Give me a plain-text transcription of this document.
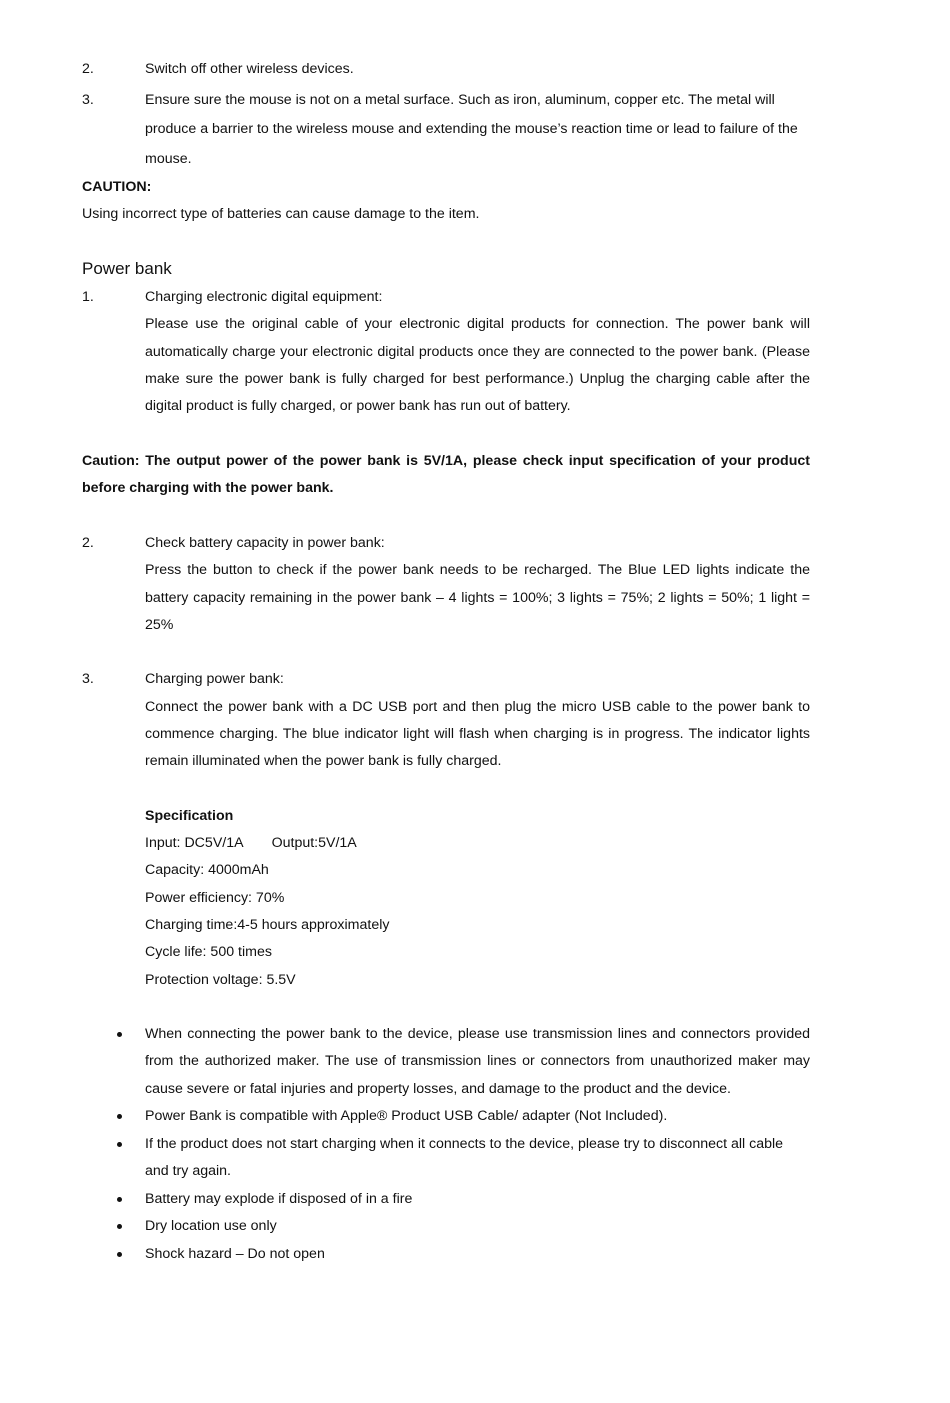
2.	Switch off other wireless devices.
3.	Ensure sure the mouse is not on a metal surface. Such as iron, aluminum, copper etc. The metal will produce a barrier to the wireless mouse and extending the mouse’s reaction time or lead to failure of the mouse.
CAUTION:
Using incorrect type of batteries can cause damage to the item.
Power bank
1.	Charging electronic digital equipment:
Please use the original cable of your electronic digital products for connection. The power bank will automatically charge your electronic digital products once they are connected to the power bank. (Please make sure the power bank is fully charged for best performance.) Unplug the charging cable after the digital product is fully charged, or power bank has run out of battery.
Caution: The output power of the power bank is 5V/1A, please check input specification of your product before charging with the power bank.
2.	Check battery capacity in power bank:
Press the button to check if the power bank needs to be recharged. The Blue LED lights indicate the battery capacity remaining in the power bank – 4 lights = 100%; 3 lights = 75%; 2 lights = 50%; 1 light = 25%
3.	Charging power bank:
Connect the power bank with a DC USB port and then plug the micro USB cable to the power bank to commence charging. The blue indicator light will flash when charging is in progress. The indicator lights remain illuminated when the power bank is fully charged.
Specification
Input: DC5V/1A Output:5V/1A
Capacity: 4000mAh
Power efficiency: 70%
Charging time:4-5 hours approximately
Cycle life: 500 times
Protection voltage: 5.5V
When connecting the power bank to the device, please use transmission lines and connectors provided from the authorized maker. The use of transmission lines or connectors from unauthorized maker may cause severe or fatal injuries and property losses, and damage to the product and the device.
Power Bank is compatible with Apple® Product USB Cable/ adapter (Not Included).
If the product does not start charging when it connects to the device, please try to disconnect all cable and try again.
Battery may explode if disposed of in a fire
Dry location use only
Shock hazard – Do not open
